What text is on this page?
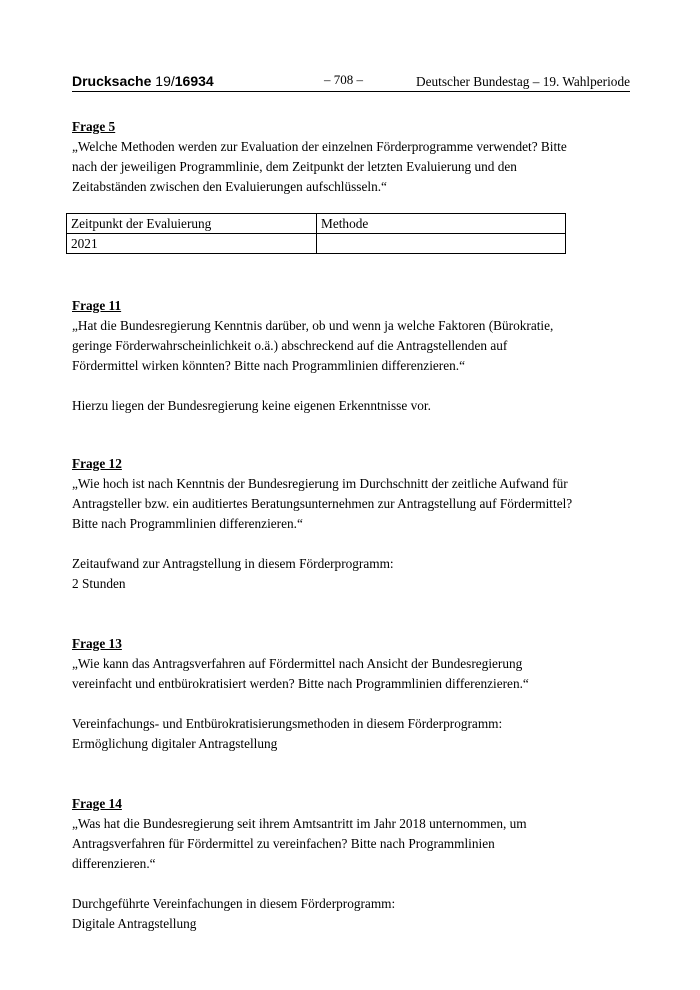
Drucksache 19/16934	– 708 –	Deutscher Bundestag – 19. Wahlperiode

Frage 5

„Welche Methoden werden zur Evaluation der einzelnen Förderprogramme verwendet? Bitte

nach der jeweiligen Programmlinie, dem Zeitpunkt der letzten Evaluierung und den

Zeitabständen zwischen den Evaluierungen aufschlüsseln.“

Zeitpunkt der Evaluierung	Methode
2021	

Frage 11

„Hat die Bundesregierung Kenntnis darüber, ob und wenn ja welche Faktoren (Bürokratie,

geringe Förderwahrscheinlichkeit o.ä.) abschreckend auf die Antragstellenden auf

Fördermittel wirken könnten? Bitte nach Programmlinien differenzieren.“

Hierzu liegen der Bundesregierung keine eigenen Erkenntnisse vor.

Frage 12

„Wie hoch ist nach Kenntnis der Bundesregierung im Durchschnitt der zeitliche Aufwand für

Antragsteller bzw. ein auditiertes Beratungsunternehmen zur Antragstellung auf Fördermittel?

Bitte nach Programmlinien differenzieren.“

Zeitaufwand zur Antragstellung in diesem Förderprogramm:

2 Stunden

Frage 13

„Wie kann das Antragsverfahren auf Fördermittel nach Ansicht der Bundesregierung

vereinfacht und entbürokratisiert werden? Bitte nach Programmlinien differenzieren.“

Vereinfachungs- und Entbürokratisierungsmethoden in diesem Förderprogramm:

Ermöglichung digitaler Antragstellung

Frage 14

„Was hat die Bundesregierung seit ihrem Amtsantritt im Jahr 2018 unternommen, um

Antragsverfahren für Fördermittel zu vereinfachen? Bitte nach Programmlinien

differenzieren.“

Durchgeführte Vereinfachungen in diesem Förderprogramm:

Digitale Antragstellung
